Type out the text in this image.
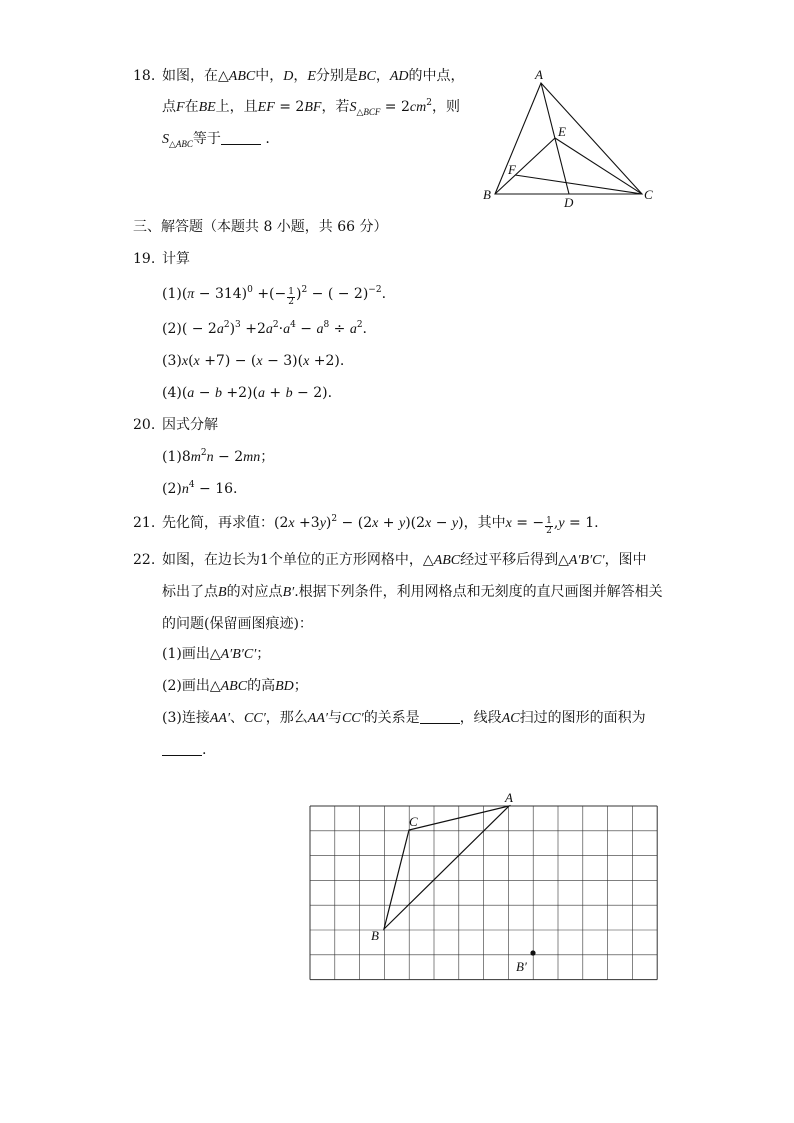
18. 如图，在△ABC中，D，E分别是BC，AD的中点，
点F在BE上，且EF = 2BF，若$S_{\triangle BCF} = 2cm^2$，则
$S_{\triangle ABC}$等于	.
A
B	C
D
E
F
三、解答题（本题共 8 小题，共 66 分）
19. 计算
$(1)(\pi - 314)^0$ +(− $\frac{1}{2} )^2$ − ( − 2)$^{-2}$.
$(2)( - 2a^2)^3 +2a^2\cdot a^4 - a^8 \div a^2$.
(3)x(x +7) − (x − 3)(x +2).
(4)(a − b +2)(a + b − 2).
20. 因式分解
$(1)8m^2n - 2mn$；
$(2)n^4 - 16$.
21. 先化简，再求值：$(2x +3y)^2 - (2x + y)(2x - y)$，其中x = − $\frac{1}{2} ,y = 1$.
22. 如图，在边长为1个单位的正方形网格中，△ABC经过平移后得到△A′B′C′，图中
标出了点B的对应点B′.根据下列条件，利用网格点和无刻度的直尺画图并解答相关
的问题(保留画图痕迹)：
(1)画出△A′B′C′；
(2)画出△ABC的高BD；
(3)连接AA′、CC′，那么AA′与CC′的关系是	，线段AC扫过的图形的面积为
.
A
B
C
B′
